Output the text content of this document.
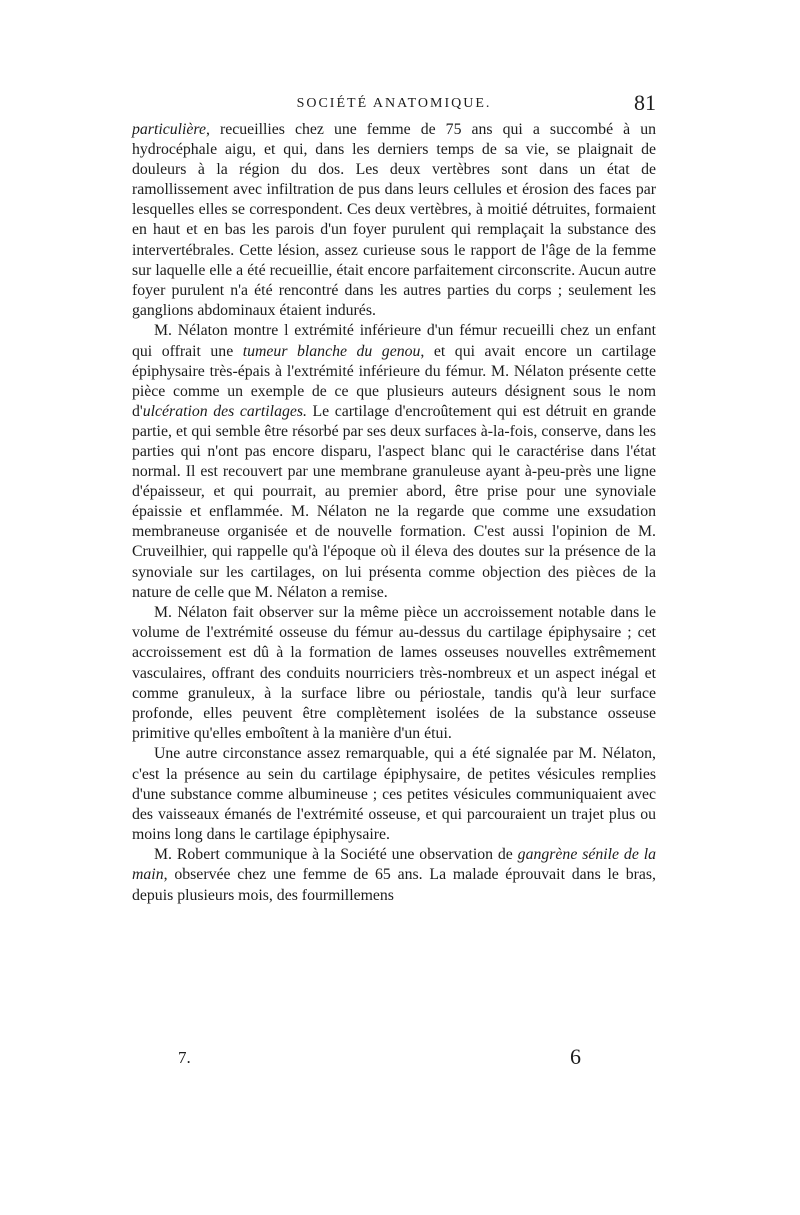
SOCIÉTÉ ANATOMIQUE.	81

particulière, recueillies chez une femme de 75 ans qui a succombé à un hydrocéphale aigu, et qui, dans les derniers temps de sa vie, se plaignait de douleurs à la région du dos. Les deux vertèbres sont dans un état de ramollissement avec infiltration de pus dans leurs cellules et érosion des faces par lesquelles elles se correspondent. Ces deux vertèbres, à moitié détruites, formaient en haut et en bas les parois d'un foyer purulent qui remplaçait la substance des intervertébrales. Cette lésion, assez curieuse sous le rapport de l'âge de la femme sur laquelle elle a été recueillie, était encore parfaitement circonscrite. Aucun autre foyer purulent n'a été rencontré dans les autres parties du corps ; seulement les ganglions abdominaux étaient indurés.

M. Nélaton montre l extrémité inférieure d'un fémur recueilli chez un enfant qui offrait une tumeur blanche du genou, et qui avait encore un cartilage épiphysaire très-épais à l'extrémité inférieure du fémur. M. Nélaton présente cette pièce comme un exemple de ce que plusieurs auteurs désignent sous le nom d'ulcération des cartilages. Le cartilage d'encroûtement qui est détruit en grande partie, et qui semble être résorbé par ses deux surfaces à-la-fois, conserve, dans les parties qui n'ont pas encore disparu, l'aspect blanc qui le caractérise dans l'état normal. Il est recouvert par une membrane granuleuse ayant à-peu-près une ligne d'épaisseur, et qui pourrait, au premier abord, être prise pour une synoviale épaissie et enflammée. M. Nélaton ne la regarde que comme une exsudation membraneuse organisée et de nouvelle formation. C'est aussi l'opinion de M. Cruveilhier, qui rappelle qu'à l'époque où il éleva des doutes sur la présence de la synoviale sur les cartilages, on lui présenta comme objection des pièces de la nature de celle que M. Nélaton a remise.

M. Nélaton fait observer sur la même pièce un accroissement notable dans le volume de l'extrémité osseuse du fémur au-dessus du cartilage épiphysaire ; cet accroissement est dû à la formation de lames osseuses nouvelles extrêmement vasculaires, offrant des conduits nourriciers très-nombreux et un aspect inégal et comme granuleux, à la surface libre ou périostale, tandis qu'à leur surface profonde, elles peuvent être complètement isolées de la substance osseuse primitive qu'elles emboîtent à la manière d'un étui.

Une autre circonstance assez remarquable, qui a été signalée par M. Nélaton, c'est la présence au sein du cartilage épiphysaire, de petites vésicules remplies d'une substance comme albumineuse ; ces petites vésicules communiquaient avec des vaisseaux émanés de l'extrémité osseuse, et qui parcouraient un trajet plus ou moins long dans le cartilage épiphysaire.

M. Robert communique à la Société une observation de gangrène sénile de la main, observée chez une femme de 65 ans. La malade éprouvait dans le bras, depuis plusieurs mois, des fourmillemens

7.	6
